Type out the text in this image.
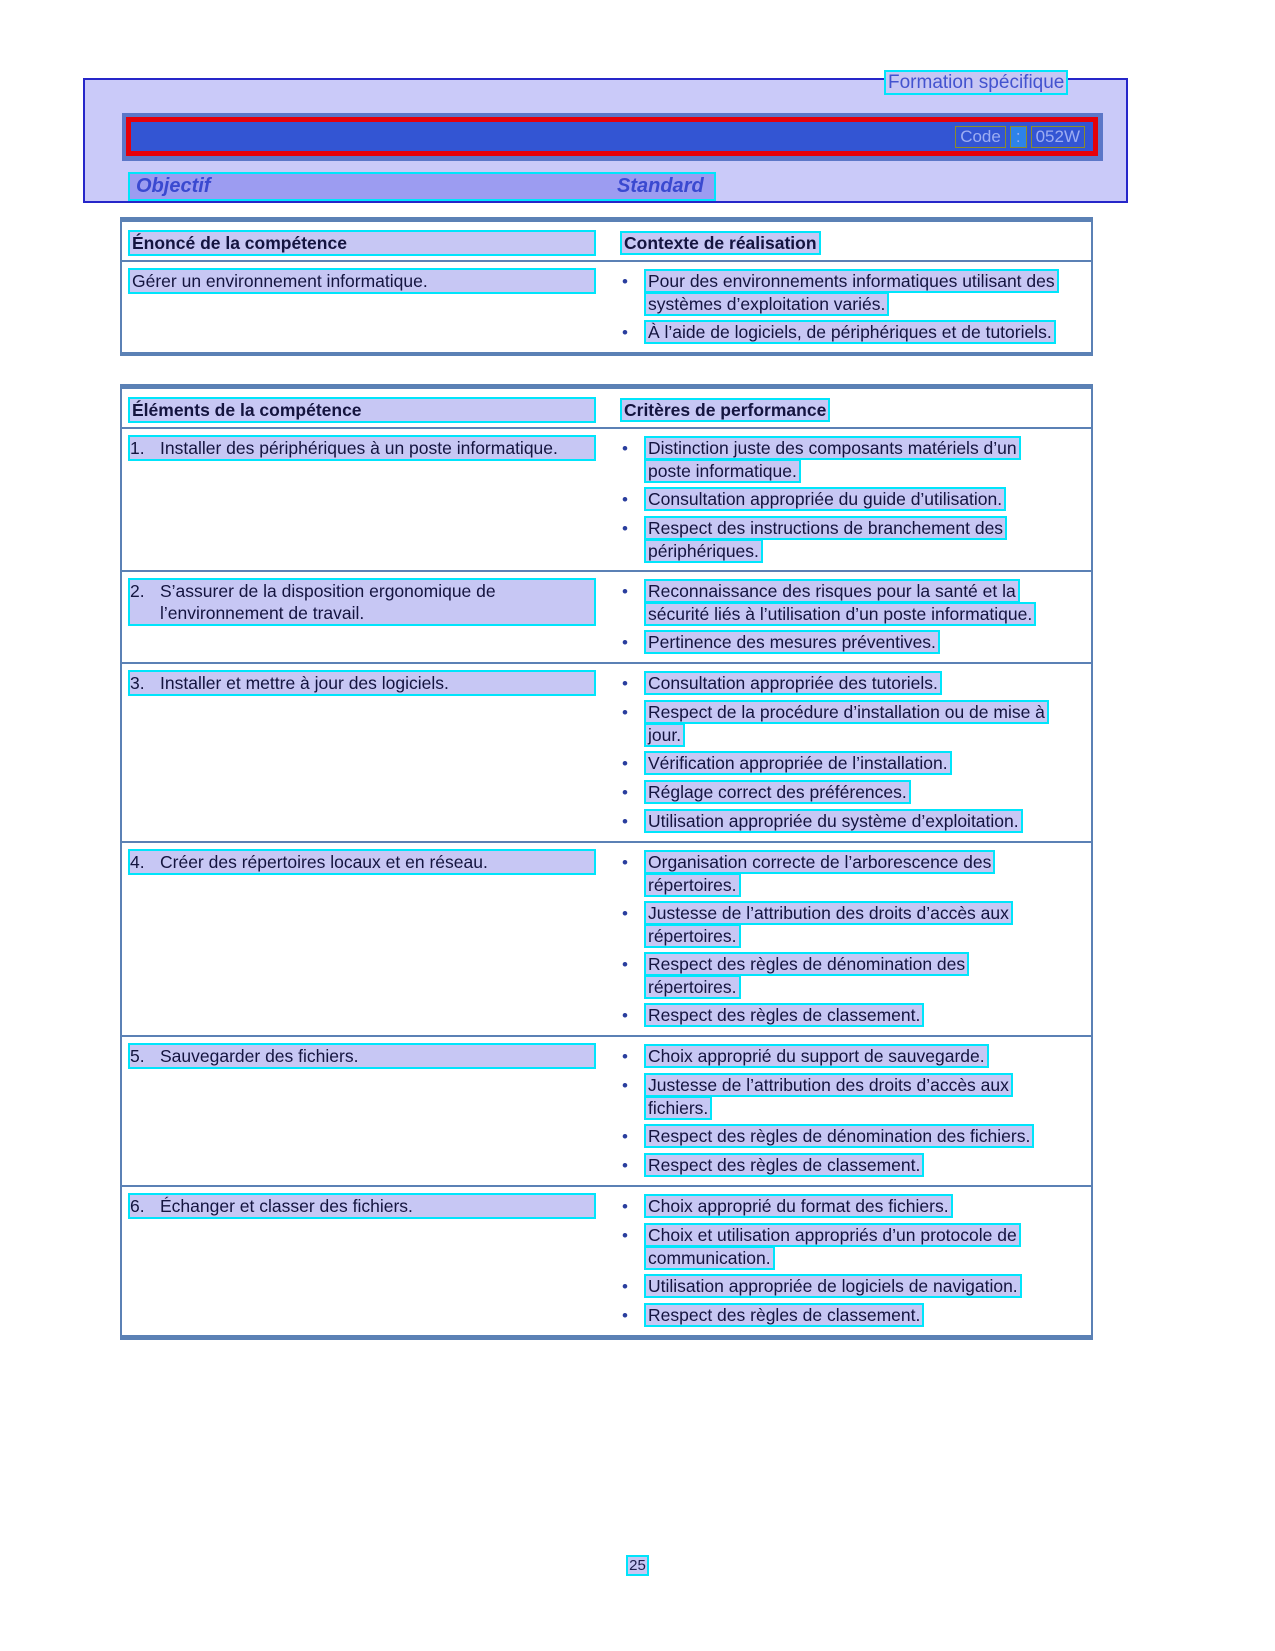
Formation spécifique
Code : 052W
Objectif	Standard
Énoncé de la compétence	Contexte de réalisation
Gérer un environnement informatique.	• Pour des environnements informatiques utilisant des systèmes d’exploitation variés.
• À l’aide de logiciels, de périphériques et de tutoriels.
Éléments de la compétence	Critères de performance
1. Installer des périphériques à un poste informatique.	• Distinction juste des composants matériels d’un poste informatique.
• Consultation appropriée du guide d’utilisation.
• Respect des instructions de branchement des périphériques.
2. S’assurer de la disposition ergonomique de l’environnement de travail.
• Reconnaissance des risques pour la santé et la sécurité liés à l’utilisation d’un poste informatique.
• Pertinence des mesures préventives.
3. Installer et mettre à jour des logiciels.	• Consultation appropriée des tutoriels.
• Respect de la procédure d’installation ou de mise à jour.
• Vérification appropriée de l’installation.
• Réglage correct des préférences.
• Utilisation appropriée du système d’exploitation.
4. Créer des répertoires locaux et en réseau.	• Organisation correcte de l’arborescence des répertoires.
• Justesse de l’attribution des droits d’accès aux répertoires.
• Respect des règles de dénomination des répertoires.
• Respect des règles de classement.
5. Sauvegarder des fichiers.	• Choix approprié du support de sauvegarde.
• Justesse de l’attribution des droits d’accès aux fichiers.
• Respect des règles de dénomination des fichiers.
• Respect des règles de classement.
6. Échanger et classer des fichiers.	• Choix approprié du format des fichiers.
• Choix et utilisation appropriés d’un protocole de communication.
• Utilisation appropriée de logiciels de navigation.
• Respect des règles de classement.
25
